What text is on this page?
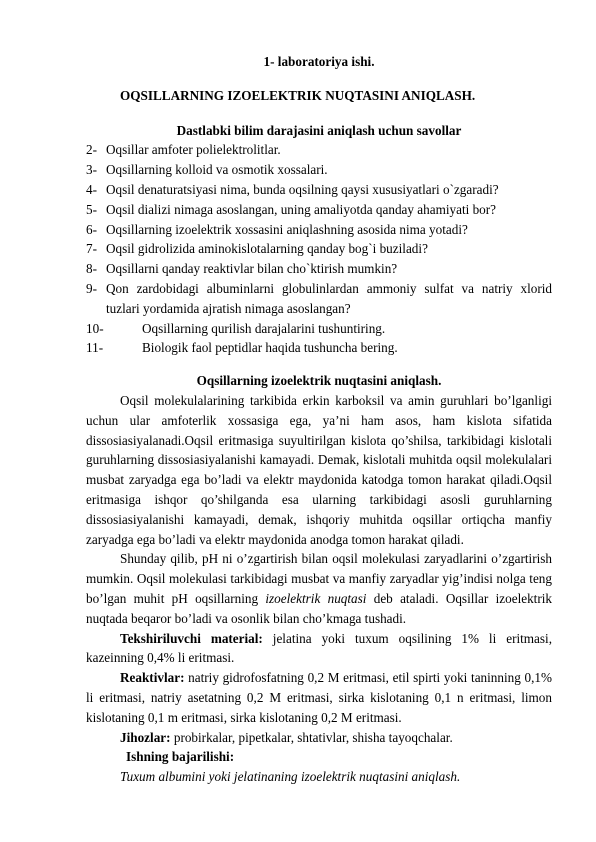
1- laboratoriya ishi.

OQSILLARNING IZOELEKTRIK NUQTASINI ANIQLASH.

Dastlabki bilim darajasini aniqlash uchun savollar

2- Oqsillar amfoter polielektrolitlar.
3- Oqsillarning kolloid va osmotik xossalari.
4- Oqsil denaturatsiyasi nima, bunda oqsilning qaysi xususiyatlari o`zgaradi?
5- Oqsil dializi nimaga asoslangan, uning amaliyotda qanday ahamiyati bor?
6- Oqsillarning izoelektrik xossasini aniqlashning asosida nima yotadi?
7- Oqsil gidrolizida aminokislotalarning qanday bog`i buziladi?
8- Oqsillarni qanday reaktivlar bilan cho`ktirish mumkin?
9- Qon zardobidagi albuminlarni globulinlardan ammoniy sulfat va natriy xlorid tuzlari yordamida ajratish nimaga asoslangan?
10-	Oqsillarning qurilish darajalarini tushuntiring.
11-	Biologik faol peptidlar haqida tushuncha bering.

Oqsillarning izoelektrik nuqtasini aniqlash.

Oqsil molekulalarining tarkibida erkin karboksil va amin guruhlari bo’lganligi uchun ular amfoterlik xossasiga ega, ya’ni ham asos, ham kislota sifatida dissosiasiyalanadi.Oqsil eritmasiga suyultirilgan kislota qo’shilsa, tarkibidagi kislotali guruhlarning dissosiasiyalanishi kamayadi. Demak, kislotali muhitda oqsil molekulalari musbat zaryadga ega bo’ladi va elektr maydonida katodga tomon harakat qiladi.Oqsil eritmasiga ishqor qo’shilganda esa ularning tarkibidagi asosli guruhlarning dissosiasiyalanishi kamayadi, demak, ishqoriy muhitda oqsillar ortiqcha manfiy zaryadga ega bo’ladi va elektr maydonida anodga tomon harakat qiladi.

Shunday qilib, pH ni o’zgartirish bilan oqsil molekulasi zaryadlarini o’zgartirish mumkin. Oqsil molekulasi tarkibidagi musbat va manfiy zaryadlar yig’indisi nolga teng bo’lgan muhit pH oqsillarning izoelektrik nuqtasi deb ataladi. Oqsillar izoelektrik nuqtada beqaror bo’ladi va osonlik bilan cho’kmaga tushadi.

Tekshiriluvchi material: jelatina yoki tuxum oqsilining 1% li eritmasi, kazeinning 0,4% li eritmasi.

Reaktivlar: natriy gidrofosfatning 0,2 M eritmasi, etil spirti yoki taninning 0,1% li eritmasi, natriy asetatning 0,2 M eritmasi, sirka kislotaning 0,1 n eritmasi, limon kislotaning 0,1 m eritmasi, sirka kislotaning 0,2 M eritmasi.

Jihozlar: probirkalar, pipetkalar, shtativlar, shisha tayoqchalar.

Ishning bajarilishi:

Tuxum albumini yoki jelatinaning izoelektrik nuqtasini aniqlash.
